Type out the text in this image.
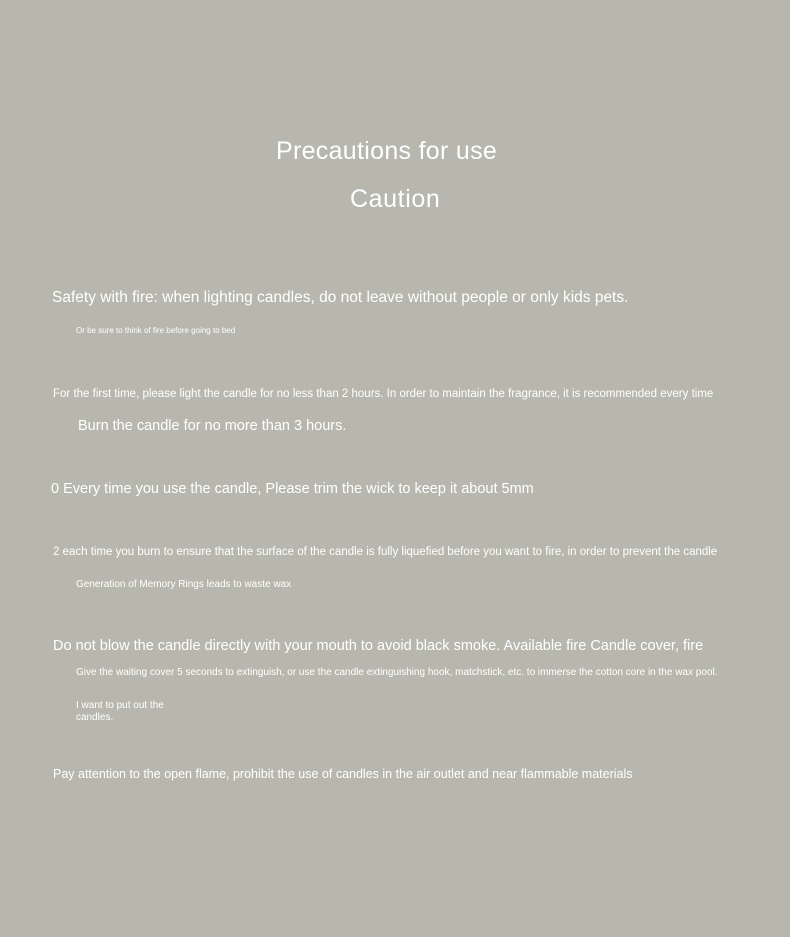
Precautions for use
Caution

Safety with fire: when lighting candles, do not leave without people or only kids pets.

Or be sure to think of fire before going to bed

For the first time, please light the candle for no less than 2 hours. In order to maintain the fragrance, it is recommended every time

Burn the candle for no more than 3 hours.

0 Every time you use the candle, Please trim the wick to keep it about 5mm

2 each time you burn to ensure that the surface of the candle is fully liquefied before you want to fire, in order to prevent the candle

Generation of Memory Rings leads to waste wax

Do not blow the candle directly with your mouth to avoid black smoke. Available fire Candle cover, fire

Give the waiting cover 5 seconds to extinguish, or use the candle extinguishing hook, matchstick, etc. to immerse the cotton core in the wax pool.

I want to put out the candles.

Pay attention to the open flame, prohibit the use of candles in the air outlet and near flammable materials
